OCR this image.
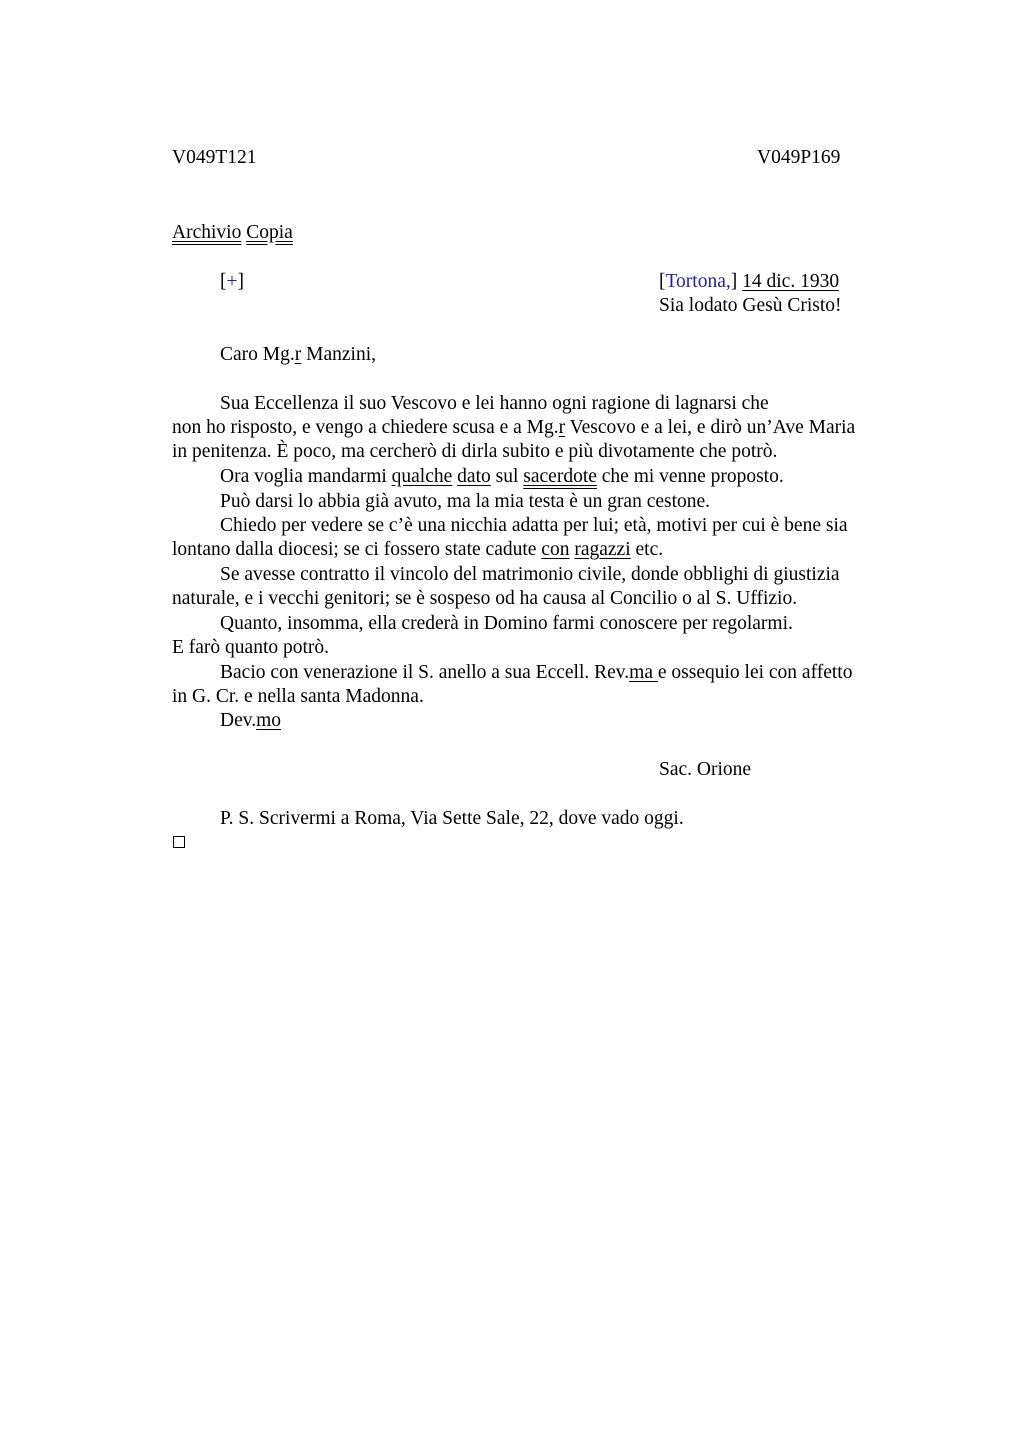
V049T121	V049P169
Archivio Copia
[+]	[Tortona,] 14 dic. 1930
Sia lodato Gesù Cristo!
Caro Mg.r Manzini,
Sua Eccellenza il suo Vescovo e lei hanno ogni ragione di lagnarsi che
non ho risposto, e vengo a chiedere scusa e a Mg.r Vescovo e a lei, e dirò un’Ave Maria
in penitenza. È poco, ma cercherò di dirla subito e più divotamente che potrò.
Ora voglia mandarmi qualche dato sul sacerdote che mi venne proposto.
Può darsi lo abbia già avuto, ma la mia testa è un gran cestone.
Chiedo per vedere se c’è una nicchia adatta per lui; età, motivi per cui è bene sia
lontano dalla diocesi; se ci fossero state cadute con ragazzi etc.
Se avesse contratto il vincolo del matrimonio civile, donde obblighi di giustizia
naturale, e i vecchi genitori; se è sospeso od ha causa al Concilio o al S. Uffizio.
Quanto, insomma, ella crederà in Domino farmi conoscere per regolarmi.
E farò quanto potrò.
Bacio con venerazione il S. anello a sua Eccell. Rev.ma e ossequio lei con affetto
in G. Cr. e nella santa Madonna.
Dev.mo
Sac. Orione
P. S. Scrivermi a Roma, Via Sette Sale, 22, dove vado oggi.
